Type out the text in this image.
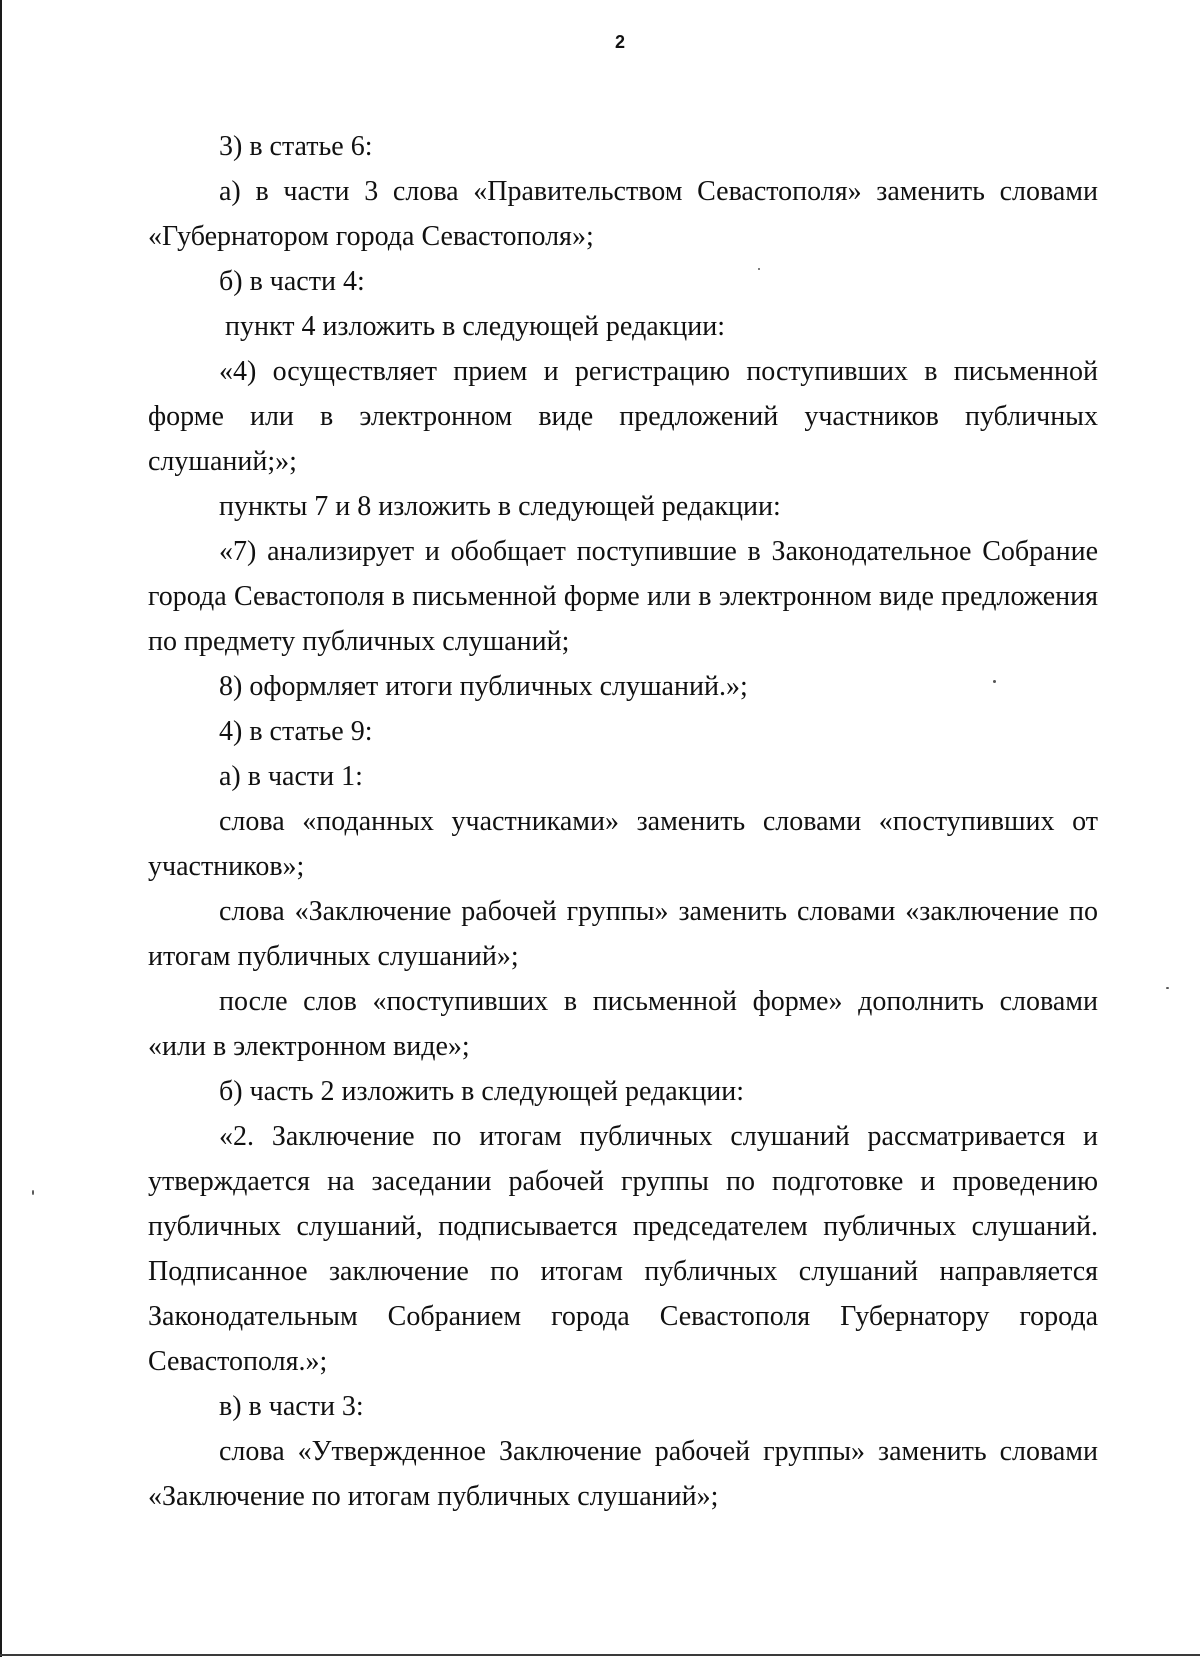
2

3) в статье 6:

а) в части 3 слова «Правительством Севастополя» заменить словами «Губернатором города Севастополя»;

б) в части 4:

пункт 4 изложить в следующей редакции:

«4) осуществляет прием и регистрацию поступивших в письменной форме или в электронном виде предложений участников публичных слушаний;»;

пункты 7 и 8 изложить в следующей редакции:

«7) анализирует и обобщает поступившие в Законодательное Собрание города Севастополя в письменной форме или в электронном виде предложения по предмету публичных слушаний;

8) оформляет итоги публичных слушаний.»;

4) в статье 9:

а) в части 1:

слова «поданных участниками» заменить словами «поступивших от участников»;

слова «Заключение рабочей группы» заменить словами «заключение по итогам публичных слушаний»;

после слов «поступивших в письменной форме» дополнить словами «или в электронном виде»;

б) часть 2 изложить в следующей редакции:

«2. Заключение по итогам публичных слушаний рассматривается и утверждается на заседании рабочей группы по подготовке и проведению публичных слушаний, подписывается председателем публичных слушаний. Подписанное заключение по итогам публичных слушаний направляется Законодательным Собранием города Севастополя Губернатору города Севастополя.»;

в) в части 3:

слова «Утвержденное Заключение рабочей группы» заменить словами «Заключение по итогам публичных слушаний»;
